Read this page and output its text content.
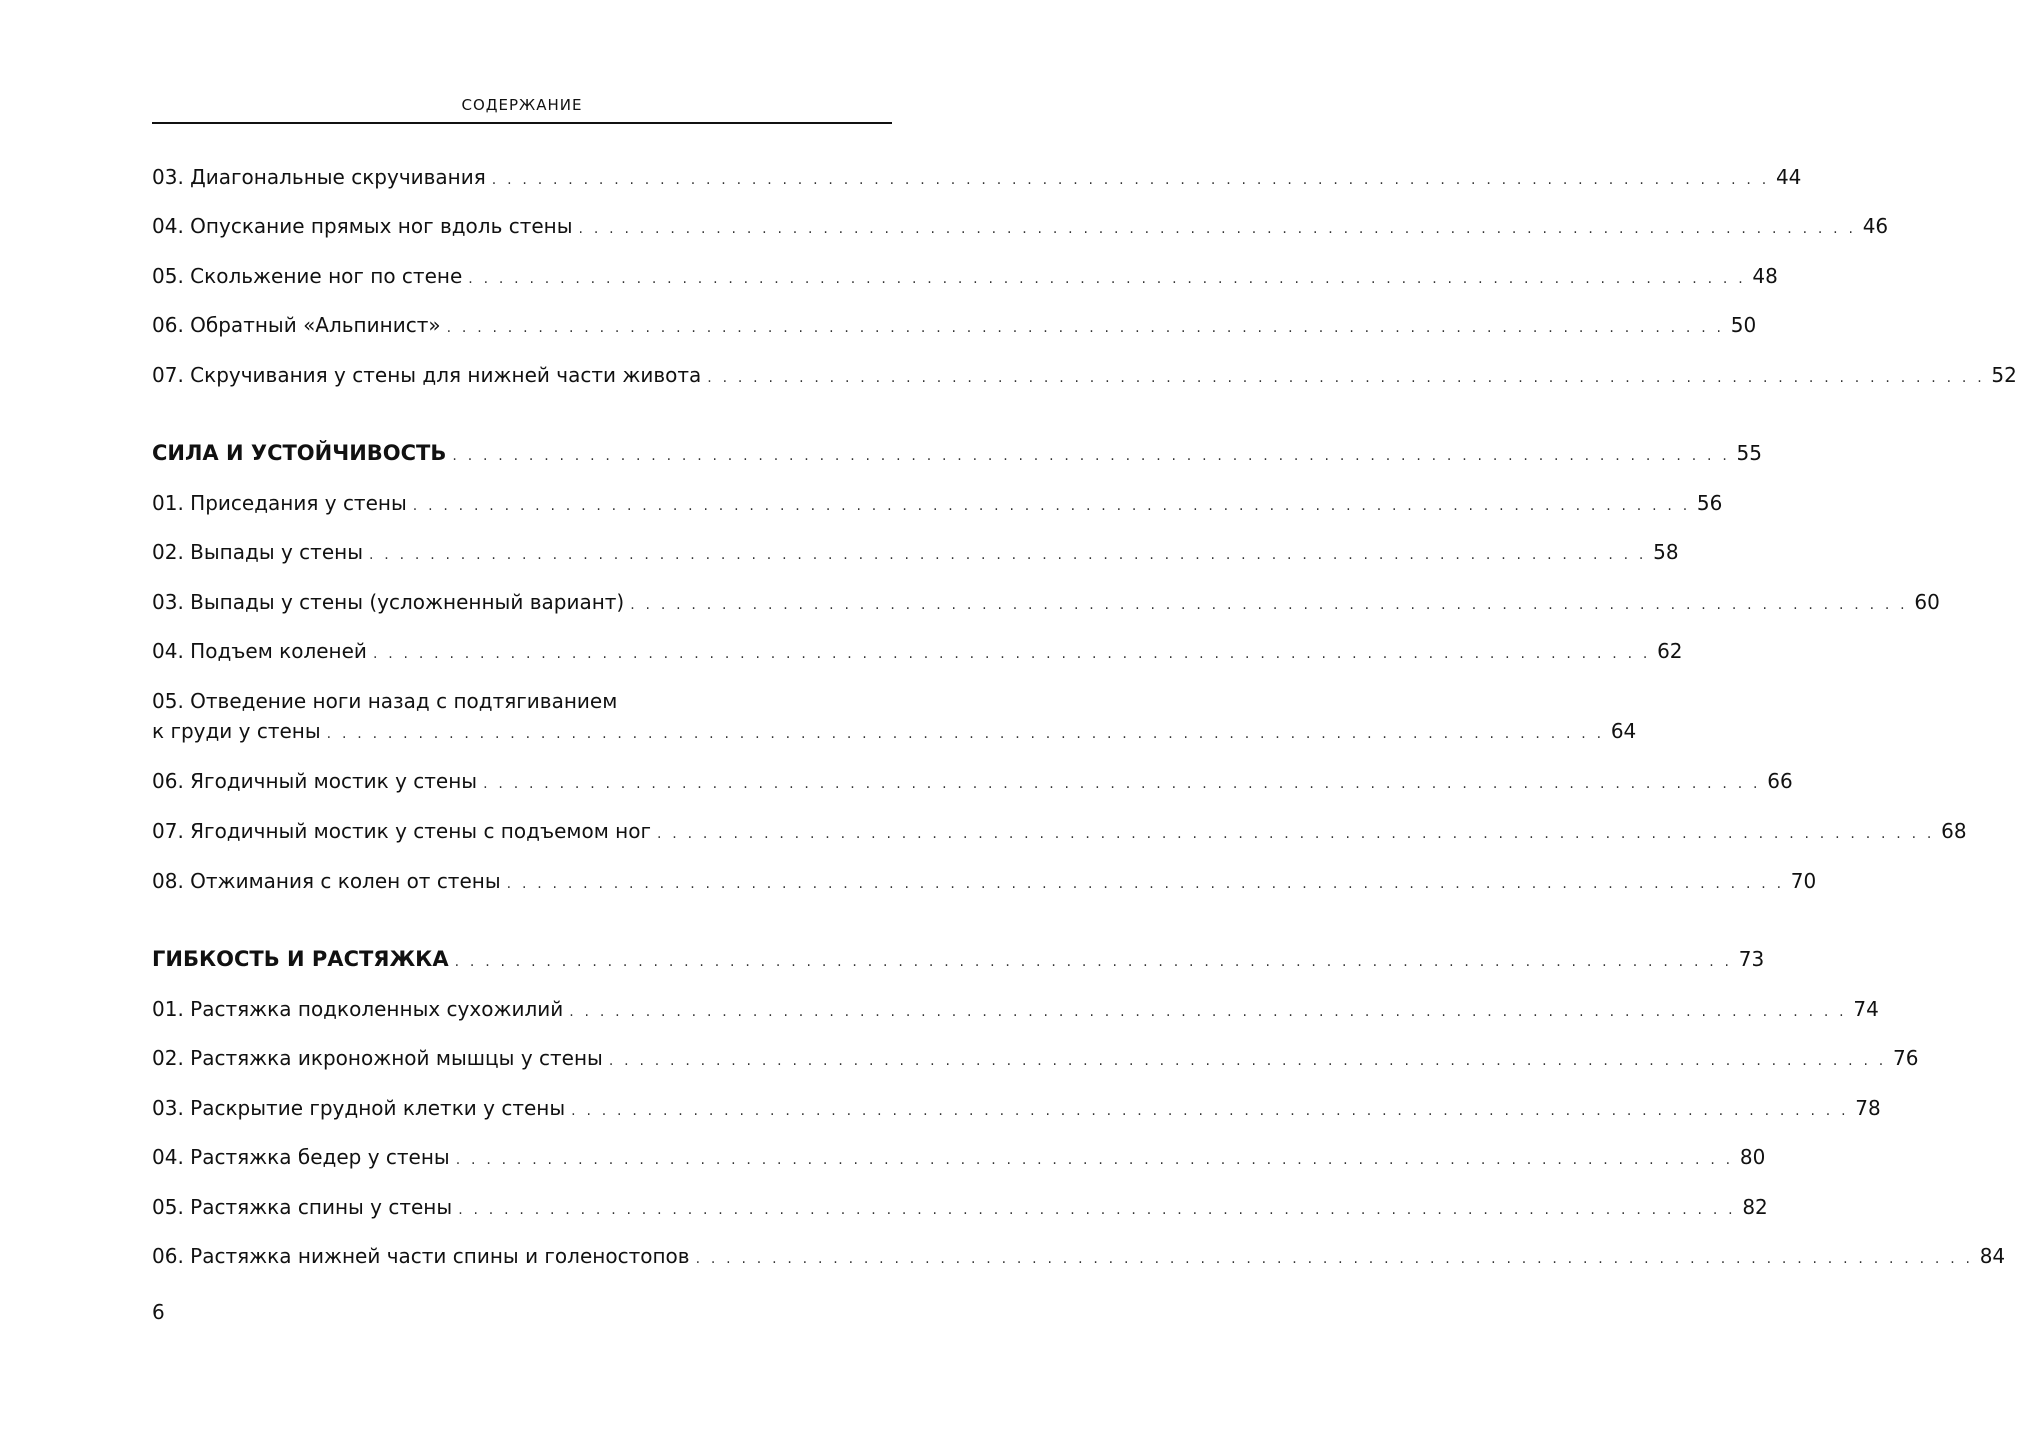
СОДЕРЖАНИЕ
03. Диагональные скручивания . . . . . . . . . . . . . . . . . . . . . . . . . . . . . . . . . . . . . . . . . . . . . . . . . . . . . . . . . . . . . . . . . . . . . . . . . . . . . . . . . . . . 44
04. Опускание прямых ног вдоль стены . . . . . . . . . . . . . . . . . . . . . . . . . . . . . . . . . . . . . . . . . . . . . . . . . . . . . . . . . . . . . . . . . . . . . . . . . . . . . . . . . . . . 46
05. Скольжение ног по стене . . . . . . . . . . . . . . . . . . . . . . . . . . . . . . . . . . . . . . . . . . . . . . . . . . . . . . . . . . . . . . . . . . . . . . . . . . . . . . . . . . . . 48
06. Обратный «Альпинист» . . . . . . . . . . . . . . . . . . . . . . . . . . . . . . . . . . . . . . . . . . . . . . . . . . . . . . . . . . . . . . . . . . . . . . . . . . . . . . . . . . . . 50
07. Скручивания у стены для нижней части живота . . . . . . . . . . . . . . . . . . . . . . . . . . . . . . . . . . . . . . . . . . . . . . . . . . . . . . . . . . . . . . . . . . . . . . . . . . . . . . . . . . . . 52
СИЛА И УСТОЙЧИВОСТЬ . . . . . . . . . . . . . . . . . . . . . . . . . . . . . . . . . . . . . . . . . . . . . . . . . . . . . . . . . . . . . . . . . . . . . . . . . . . . . . . . . . . . 55
01. Приседания у стены . . . . . . . . . . . . . . . . . . . . . . . . . . . . . . . . . . . . . . . . . . . . . . . . . . . . . . . . . . . . . . . . . . . . . . . . . . . . . . . . . . . . 56
02. Выпады у стены . . . . . . . . . . . . . . . . . . . . . . . . . . . . . . . . . . . . . . . . . . . . . . . . . . . . . . . . . . . . . . . . . . . . . . . . . . . . . . . . . . . . 58
03. Выпады у стены (усложненный вариант) . . . . . . . . . . . . . . . . . . . . . . . . . . . . . . . . . . . . . . . . . . . . . . . . . . . . . . . . . . . . . . . . . . . . . . . . . . . . . . . . . . . . 60
04. Подъем коленей . . . . . . . . . . . . . . . . . . . . . . . . . . . . . . . . . . . . . . . . . . . . . . . . . . . . . . . . . . . . . . . . . . . . . . . . . . . . . . . . . . . . 62
05. Отведение ноги назад с подтягиванием
к груди у стены . . . . . . . . . . . . . . . . . . . . . . . . . . . . . . . . . . . . . . . . . . . . . . . . . . . . . . . . . . . . . . . . . . . . . . . . . . . . . . . . . . . . 64
06. Ягодичный мостик у стены . . . . . . . . . . . . . . . . . . . . . . . . . . . . . . . . . . . . . . . . . . . . . . . . . . . . . . . . . . . . . . . . . . . . . . . . . . . . . . . . . . . . 66
07. Ягодичный мостик у стены с подъемом ног . . . . . . . . . . . . . . . . . . . . . . . . . . . . . . . . . . . . . . . . . . . . . . . . . . . . . . . . . . . . . . . . . . . . . . . . . . . . . . . . . . . . 68
08. Отжимания с колен от стены . . . . . . . . . . . . . . . . . . . . . . . . . . . . . . . . . . . . . . . . . . . . . . . . . . . . . . . . . . . . . . . . . . . . . . . . . . . . . . . . . . . . 70
ГИБКОСТЬ И РАСТЯЖКА . . . . . . . . . . . . . . . . . . . . . . . . . . . . . . . . . . . . . . . . . . . . . . . . . . . . . . . . . . . . . . . . . . . . . . . . . . . . . . . . . . . . 73
01. Растяжка подколенных сухожилий . . . . . . . . . . . . . . . . . . . . . . . . . . . . . . . . . . . . . . . . . . . . . . . . . . . . . . . . . . . . . . . . . . . . . . . . . . . . . . . . . . . . 74
02. Растяжка икроножной мышцы у стены . . . . . . . . . . . . . . . . . . . . . . . . . . . . . . . . . . . . . . . . . . . . . . . . . . . . . . . . . . . . . . . . . . . . . . . . . . . . . . . . . . . . 76
03. Раскрытие грудной клетки у стены . . . . . . . . . . . . . . . . . . . . . . . . . . . . . . . . . . . . . . . . . . . . . . . . . . . . . . . . . . . . . . . . . . . . . . . . . . . . . . . . . . . . 78
04. Растяжка бедер у стены . . . . . . . . . . . . . . . . . . . . . . . . . . . . . . . . . . . . . . . . . . . . . . . . . . . . . . . . . . . . . . . . . . . . . . . . . . . . . . . . . . . . 80
05. Растяжка спины у стены . . . . . . . . . . . . . . . . . . . . . . . . . . . . . . . . . . . . . . . . . . . . . . . . . . . . . . . . . . . . . . . . . . . . . . . . . . . . . . . . . . . . 82
06. Растяжка нижней части спины и голеностопов . . . . . . . . . . . . . . . . . . . . . . . . . . . . . . . . . . . . . . . . . . . . . . . . . . . . . . . . . . . . . . . . . . . . . . . . . . . . . . . . . . . . 84
6
